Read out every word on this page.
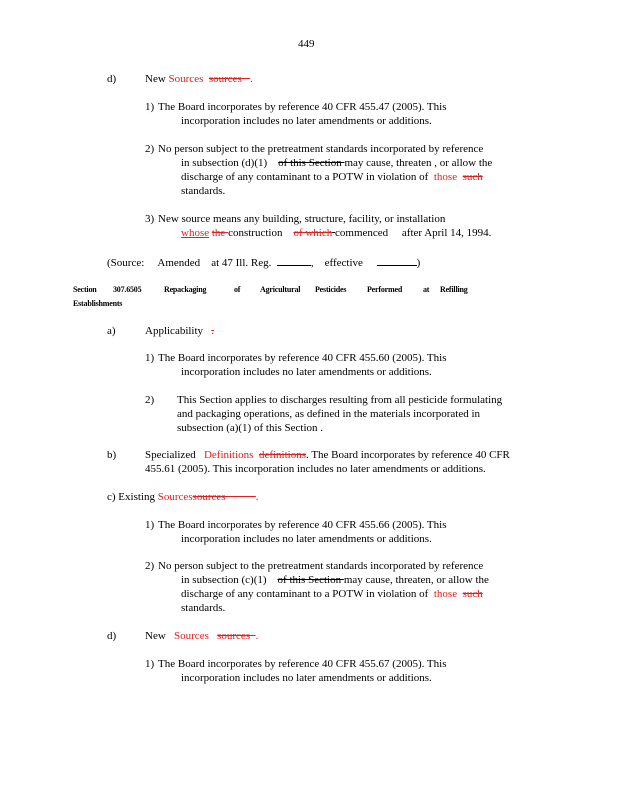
449
d)	New Sources sources .
1) The Board incorporates by reference 40 CFR 455.47 (2005). This
incorporation includes no later amendments or additions.
2) No person subject to the pretreatment standards incorporated by reference
in subsection (d)(1) of this Section may cause, threaten , or allow the
discharge of any contaminant to a POTW in violation of those such
standards.
3) New source means any building, structure, facility, or installation
whose the construction of which commenced after April 14, 1994.
(Source: Amended at 47 Ill. Reg.	, effective	)
Section 307.6505	Repackaging	of Agricultural Pesticides	Performed	at Refilling
Establishments
a)	Applicability .
1) The Board incorporates by reference 40 CFR 455.60 (2005). This
incorporation includes no later amendments or additions.
2) This Section applies to discharges resulting from all pesticide formulating
and packaging operations, as defined in the materials incorporated in
subsection (a)(1) of this Section .
b)	Specialized Definitions definitions. The Board incorporates by reference 40 CFR
455.61 (2005). This incorporation includes no later amendments or additions.
c) Existing Sourcessources	.
1) The Board incorporates by reference 40 CFR 455.66 (2005). This
incorporation includes no later amendments or additions.
2) No person subject to the pretreatment standards incorporated by reference
in subsection (c)(1) of this Section may cause, threaten, or allow the
discharge of any contaminant to a POTW in violation of those such
standards.
d)	New Sources sources .
1) The Board incorporates by reference 40 CFR 455.67 (2005). This
incorporation includes no later amendments or additions.
